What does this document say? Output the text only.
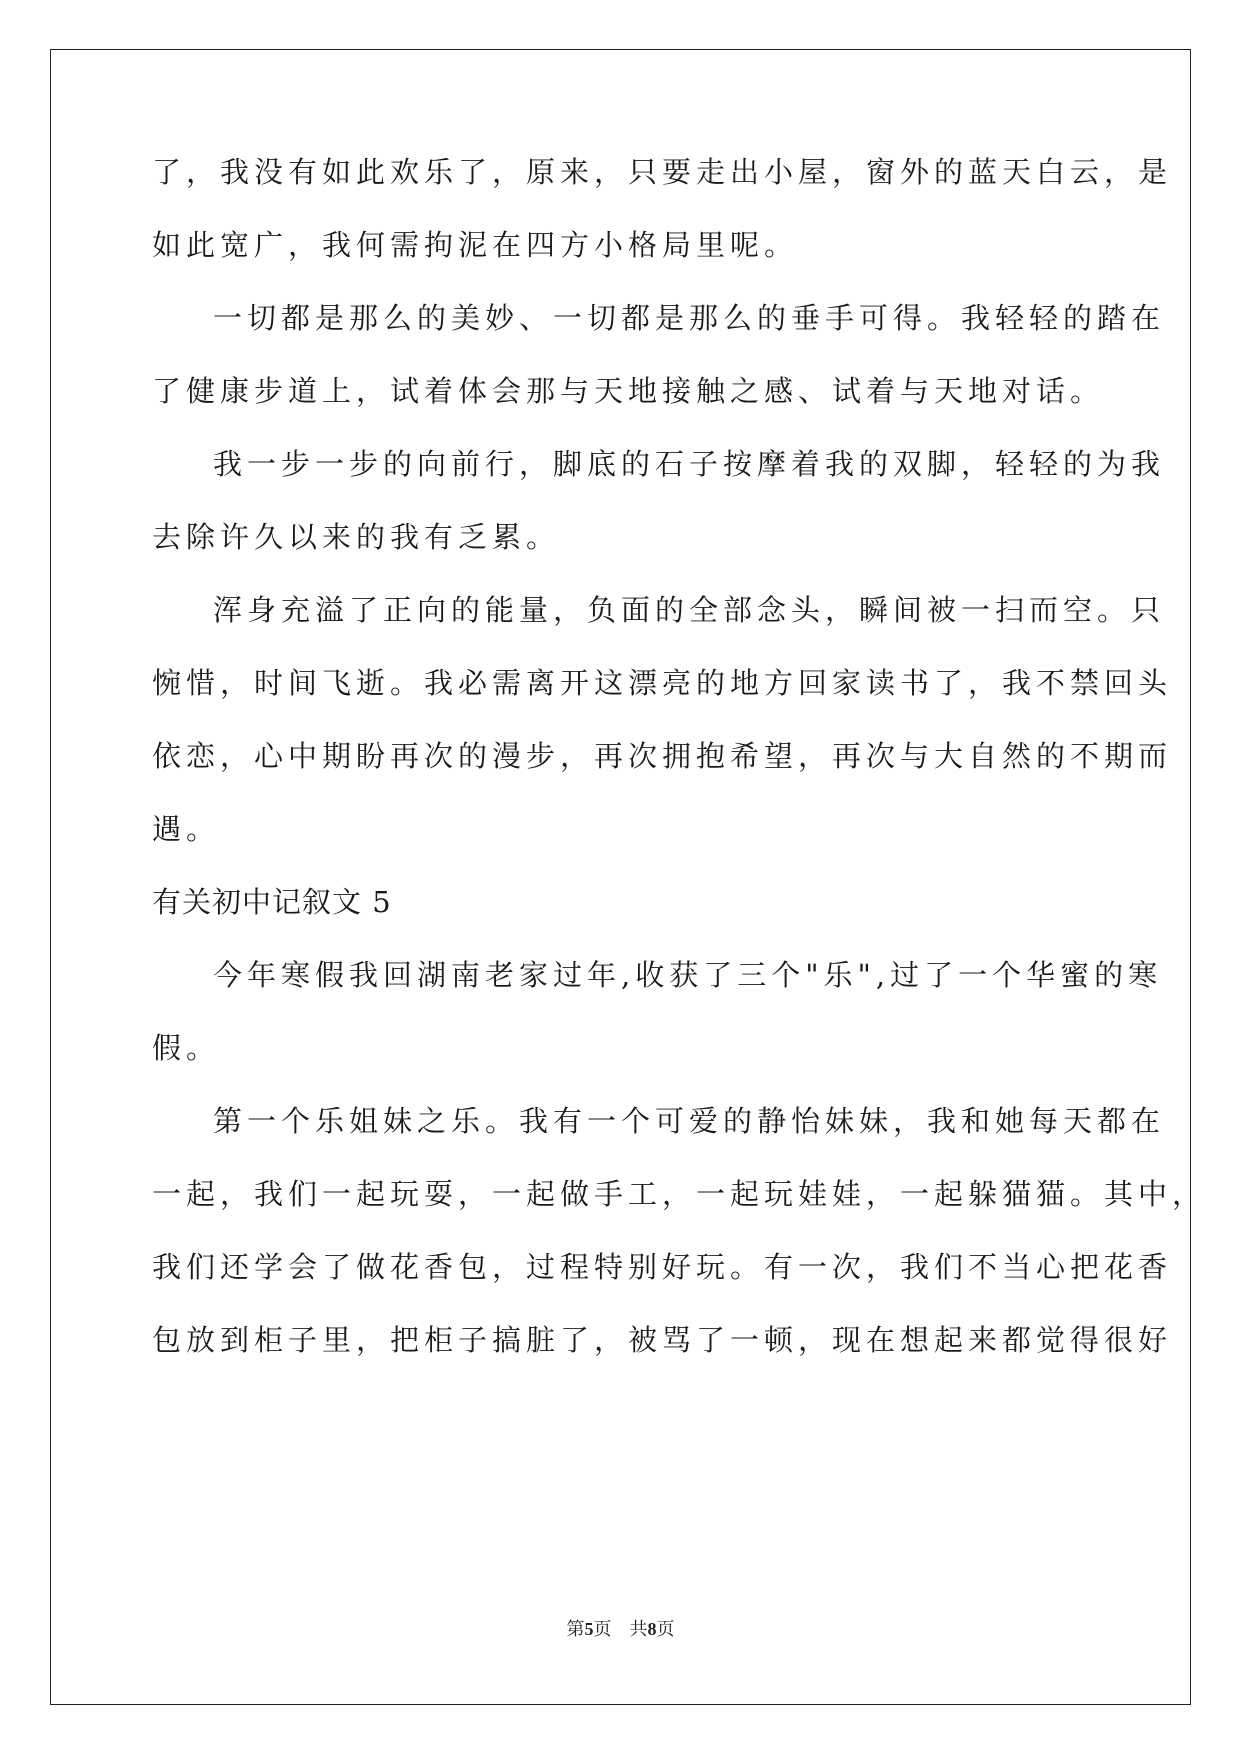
了，我没有如此欢乐了，原来，只要走出小屋，窗外的蓝天白云，是
如此宽广，我何需拘泥在四方小格局里呢。
一切都是那么的美妙、一切都是那么的垂手可得。我轻轻的踏在
了健康步道上，试着体会那与天地接触之感、试着与天地对话。
我一步一步的向前行，脚底的石子按摩着我的双脚，轻轻的为我
去除许久以来的我有乏累。
浑身充溢了正向的能量，负面的全部念头，瞬间被一扫而空。只
惋惜，时间飞逝。我必需离开这漂亮的地方回家读书了，我不禁回头
依恋，心中期盼再次的漫步，再次拥抱希望，再次与大自然的不期而
遇。
有关初中记叙文 5
今年寒假我回湖南老家过年,收获了三个"乐",过了一个华蜜的寒
假。
第一个乐姐妹之乐。我有一个可爱的静怡妹妹，我和她每天都在
一起，我们一起玩耍，一起做手工，一起玩娃娃，一起躲猫猫。其中，
我们还学会了做花香包，过程特别好玩。有一次，我们不当心把花香
包放到柜子里，把柜子搞脏了，被骂了一顿，现在想起来都觉得很好
第5页 共8页
